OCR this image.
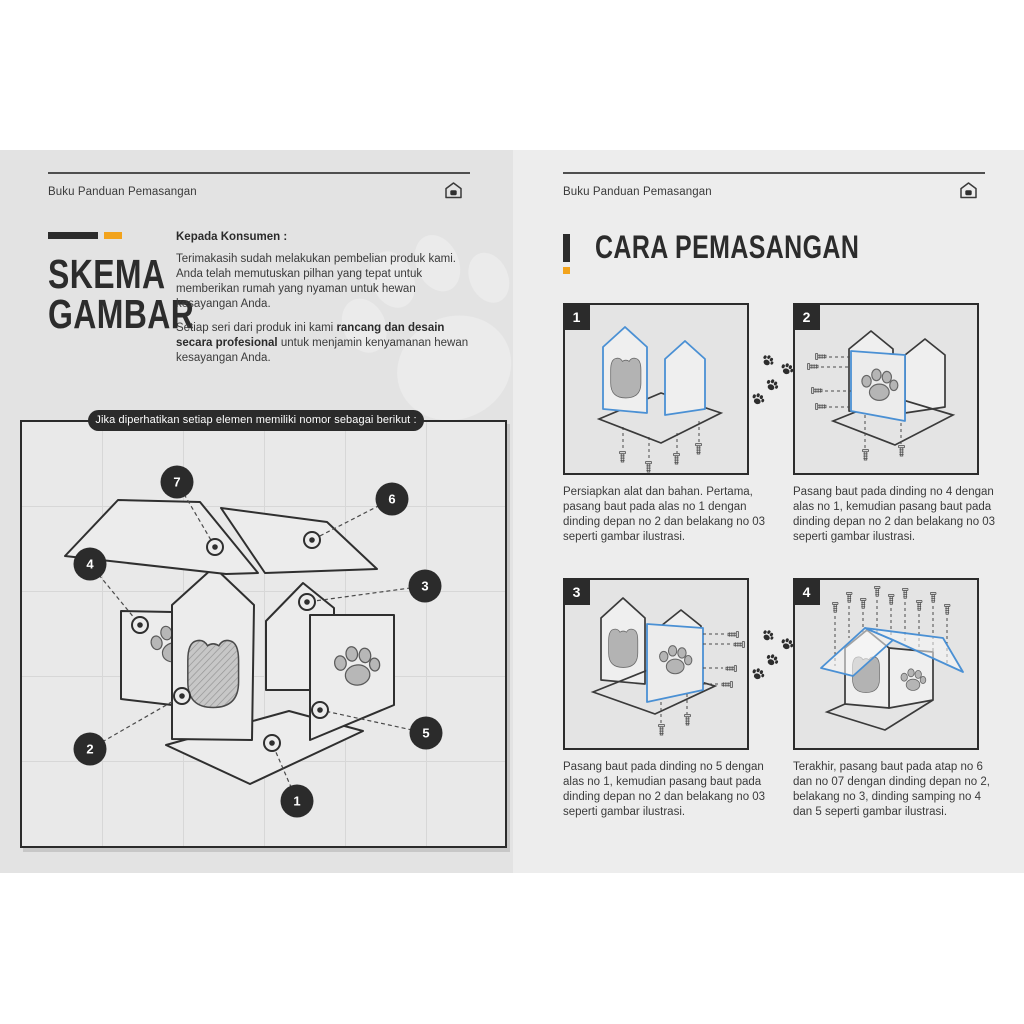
Buku Panduan Pemasangan
SKEMA
GAMBAR
Kepada Konsumen :

Terimakasih sudah melakukan pembelian produk kami. Anda telah memutuskan pilhan yang tepat untuk memberikan rumah yang nyaman untuk hewan kesayangan Anda.

Setiap seri dari produk ini kami rancang dan desain secara profesional untuk menjamin kenyamanan hewan kesayangan Anda.

Jika diperhatikan setiap elemen memiliki nomor sebagai berikut :
1
2
3
4
5
6
7
Buku Panduan Pemasangan
CARA PEMASANGAN
1	2
3	4
Persiapkan alat dan bahan. Pertama, pasang baut pada alas no 1 dengan dinding depan no 2 dan belakang no 03 seperti gambar ilustrasi.
Pasang baut pada dinding no 4 dengan alas no 1, kemudian pasang baut pada dinding depan no 2 dan belakang no 03 seperti gambar ilustrasi.
Pasang baut pada dinding no 5 dengan alas no 1, kemudian pasang baut pada dinding depan no 2 dan belakang no 03 seperti gambar ilustrasi.
Terakhir, pasang baut pada atap no 6 dan no 07 dengan dinding depan no 2, belakang no 3, dinding samping no 4 dan 5 seperti gambar ilustrasi.
